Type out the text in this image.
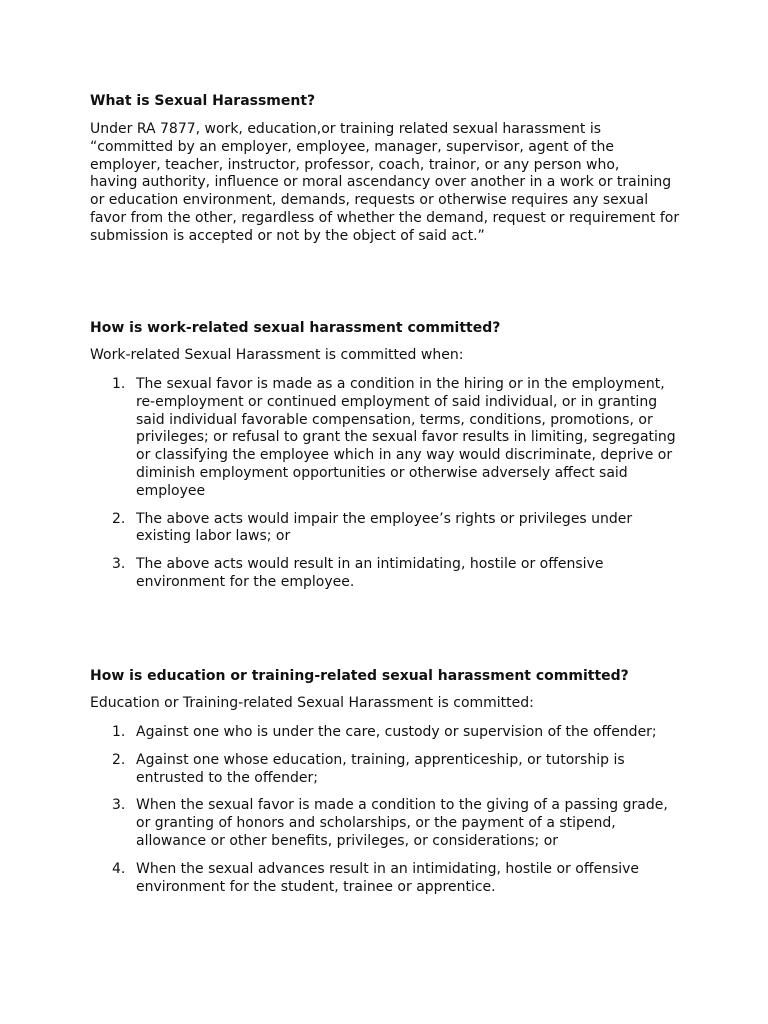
What is Sexual Harassment?

Under RA 7877, work, education,or training related sexual harassment is
“committed by an employer, employee, manager, supervisor, agent of the
employer, teacher, instructor, professor, coach, trainor, or any person who,
having authority, influence or moral ascendancy over another in a work or training
or education environment, demands, requests or otherwise requires any sexual
favor from the other, regardless of whether the demand, request or requirement for
submission is accepted or not by the object of said act.”

How is work-related sexual harassment committed?

Work-related Sexual Harassment is committed when:

1. The sexual favor is made as a condition in the hiring or in the employment,
re-employment or continued employment of said individual, or in granting
said individual favorable compensation, terms, conditions, promotions, or
privileges; or refusal to grant the sexual favor results in limiting, segregating
or classifying the employee which in any way would discriminate, deprive or
diminish employment opportunities or otherwise adversely affect said
employee
2. The above acts would impair the employee’s rights or privileges under
existing labor laws; or
3. The above acts would result in an intimidating, hostile or offensive
environment for the employee.
How is education or training-related sexual harassment committed?

Education or Training-related Sexual Harassment is committed:

1. Against one who is under the care, custody or supervision of the offender;
2. Against one whose education, training, apprenticeship, or tutorship is
entrusted to the offender;
3. When the sexual favor is made a condition to the giving of a passing grade,
or granting of honors and scholarships, or the payment of a stipend,
allowance or other benefits, privileges, or considerations; or
4. When the sexual advances result in an intimidating, hostile or offensive
environment for the student, trainee or apprentice.
